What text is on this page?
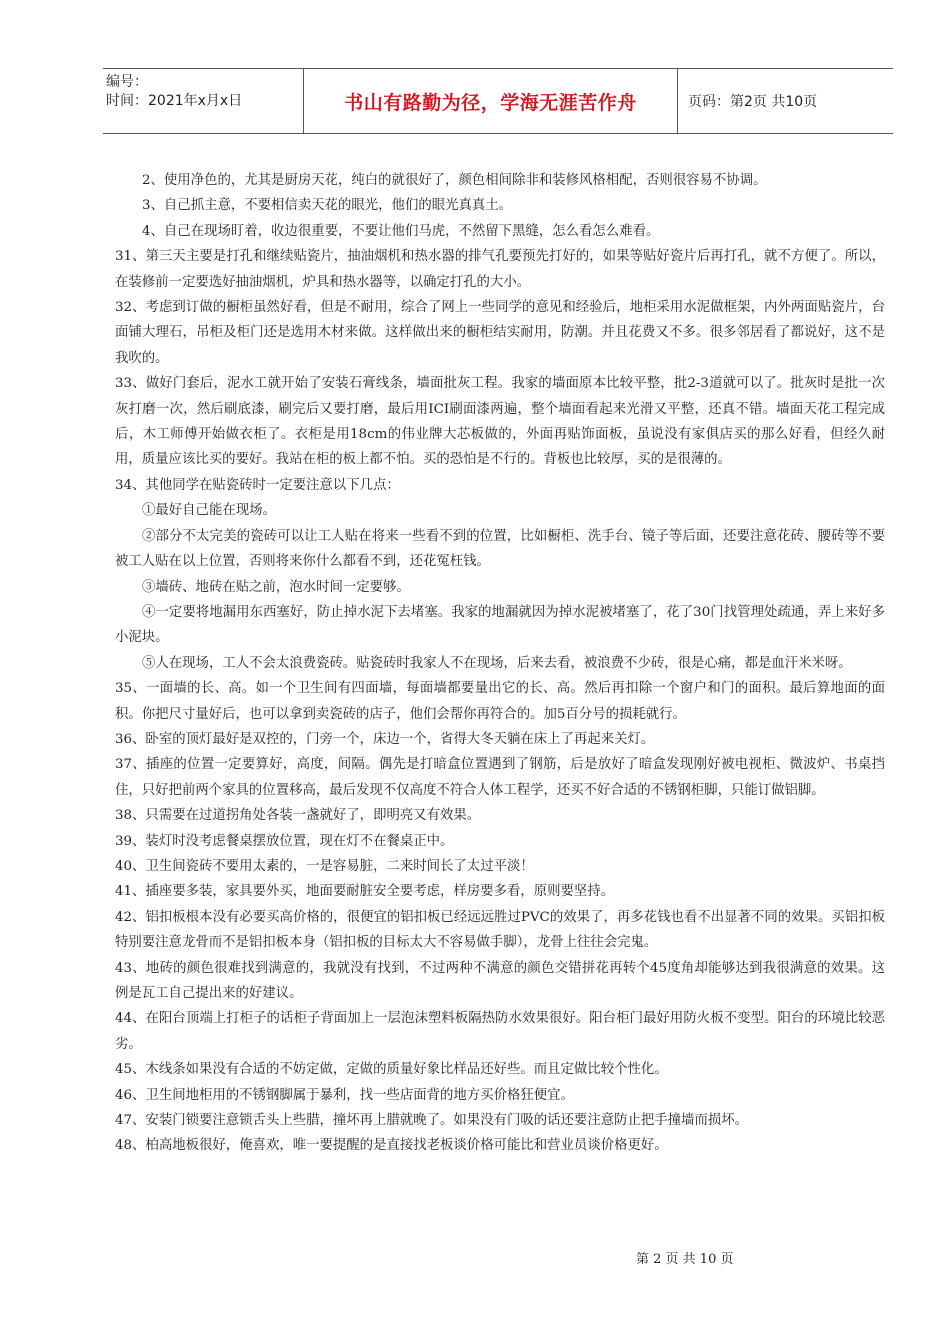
编号：
时间：2021年x月x日	书山有路勤为径，学海无涯苦作舟	页码：第2页 共10页

2、使用净色的，尤其是厨房天花，纯白的就很好了，颜色相间除非和装修风格相配，否则很容易不协调。

3、自己抓主意，不要相信卖天花的眼光，他们的眼光真真土。

4、自己在现场盯着，收边很重要，不要让他们马虎，不然留下黑缝，怎么看怎么难看。

31、第三天主要是打孔和继续贴瓷片，抽油烟机和热水器的排气孔要预先打好的，如果等贴好瓷片后再打孔，就不方便了。所以，在装修前一定要选好抽油烟机，炉具和热水器等，以确定打孔的大小。

32、考虑到订做的橱柜虽然好看，但是不耐用，综合了网上一些同学的意见和经验后，地柜采用水泥做框架，内外两面贴瓷片，台面铺大理石，吊柜及柜门还是选用木材来做。这样做出来的橱柜结实耐用，防潮。并且花费又不多。很多邻居看了都说好，这不是我吹的。

33、做好门套后，泥水工就开始了安装石膏线条，墙面批灰工程。我家的墙面原本比较平整，批2-3道就可以了。批灰时是批一次灰打磨一次，然后刷底漆，刷完后又要打磨，最后用ICI刷面漆两遍，整个墙面看起来光滑又平整，还真不错。墙面天花工程完成后，木工师傅开始做衣柜了。衣柜是用18cm的伟业牌大芯板做的，外面再贴饰面板，虽说没有家俱店买的那么好看，但经久耐用，质量应该比买的要好。我站在柜的板上都不怕。买的恐怕是不行的。背板也比较厚，买的是很薄的。

34、其他同学在贴瓷砖时一定要注意以下几点：

①最好自己能在现场。

②部分不太完美的瓷砖可以让工人贴在将来一些看不到的位置，比如橱柜、洗手台、镜子等后面，还要注意花砖、腰砖等不要被工人贴在以上位置，否则将来你什么都看不到，还花冤枉钱。

③墙砖、地砖在贴之前，泡水时间一定要够。

④一定要将地漏用东西塞好，防止掉水泥下去堵塞。我家的地漏就因为掉水泥被堵塞了，花了30门找管理处疏通，弄上来好多小泥块。

⑤人在现场，工人不会太浪费瓷砖。贴瓷砖时我家人不在现场，后来去看，被浪费不少砖，很是心痛，都是血汗米米呀。

35、一面墙的长、高。如一个卫生间有四面墙，每面墙都要量出它的长、高。然后再扣除一个窗户和门的面积。最后算地面的面积。你把尺寸量好后，也可以拿到卖瓷砖的店子，他们会帮你再符合的。加5百分号的损耗就行。

36、卧室的顶灯最好是双控的，门旁一个，床边一个，省得大冬天躺在床上了再起来关灯。

37、插座的位置一定要算好，高度，间隔。偶先是打暗盒位置遇到了钢筋，后是放好了暗盒发现刚好被电视柜、微波炉、书桌挡住，只好把前两个家具的位置移高，最后发现不仅高度不符合人体工程学，还买不好合适的不锈钢柜脚，只能订做铝脚。

38、只需要在过道拐角处各装一盏就好了，即明亮又有效果。

39、装灯时没考虑餐桌摆放位置，现在灯不在餐桌正中。

40、卫生间瓷砖不要用太素的，一是容易脏，二来时间长了太过平淡！

41、插座要多装，家具要外买，地面要耐脏安全要考虑，样房要多看，原则要坚持。

42、铝扣板根本没有必要买高价格的，很便宜的铝扣板已经远远胜过PVC的效果了，再多花钱也看不出显著不同的效果。买铝扣板特别要注意龙骨而不是铝扣板本身（铝扣板的目标太大不容易做手脚），龙骨上往往会完鬼。

43、地砖的颜色很难找到满意的，我就没有找到，不过两种不满意的颜色交错拼花再转个45度角却能够达到我很满意的效果。这例是瓦工自己提出来的好建议。

44、在阳台顶端上打柜子的话柜子背面加上一层泡沫塑料板隔热防水效果很好。阳台柜门最好用防火板不变型。阳台的环境比较恶劣。

45、木线条如果没有合适的不妨定做，定做的质量好象比样品还好些。而且定做比较个性化。

46、卫生间地柜用的不锈钢脚属于暴利，找一些店面背的地方买价格狂便宜。

47、安装门锁要注意锁舌头上些腊，撞坏再上腊就晚了。如果没有门吸的话还要注意防止把手撞墙而损坏。

48、柏高地板很好，俺喜欢，唯一要提醒的是直接找老板谈价格可能比和营业员谈价格更好。

第 2 页 共 10 页
